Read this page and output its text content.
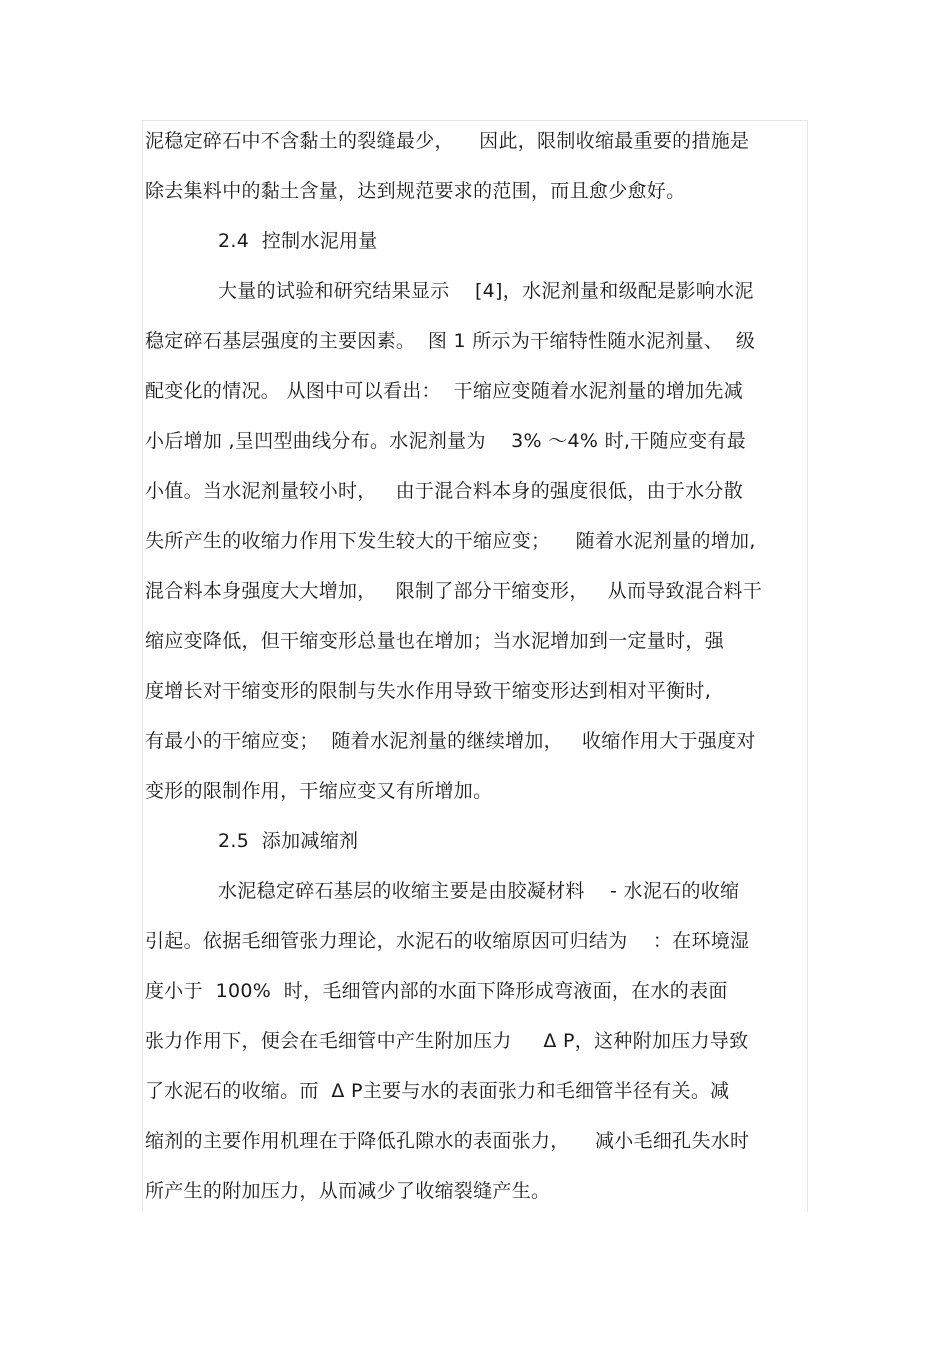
泥稳定碎石中不含黏土的裂缝最少，    因此，限制收缩最重要的措施是
除去集料中的黏土含量，达到规范要求的范围，而且愈少愈好。
2.4  控制水泥用量
大量的试验和研究结果显示    [4]，水泥剂量和级配是影响水泥
稳定碎石基层强度的主要因素。  图 1 所示为干缩特性随水泥剂量、  级
配变化的情况。 从图中可以看出：  干缩应变随着水泥剂量的增加先减
小后增加 ,呈凹型曲线分布。水泥剂量为    3% ～4% 时,干随应变有最
小值。当水泥剂量较小时，   由于混合料本身的强度很低，由于水分散
失所产生的收缩力作用下发生较大的干缩应变；    随着水泥剂量的增加,
混合料本身强度大大增加，   限制了部分干缩变形，   从而导致混合料干
缩应变降低，但干缩变形总量也在增加；当水泥增加到一定量时，强
度增长对干缩变形的限制与失水作用导致干缩变形达到相对平衡时,
有最小的干缩应变；  随着水泥剂量的继续增加，   收缩作用大于强度对
变形的限制作用，干缩应变又有所增加。
2.5  添加减缩剂
水泥稳定碎石基层的收缩主要是由胶凝材料    - 水泥石的收缩
引起。依据毛细管张力理论，水泥石的收缩原因可归结为    ：在环境湿
度小于  100%  时，毛细管内部的水面下降形成弯液面，在水的表面
张力作用下，便会在毛细管中产生附加压力     Δ P，这种附加压力导致
了水泥石的收缩。而  Δ P主要与水的表面张力和毛细管半径有关。减
缩剂的主要作用机理在于降低孔隙水的表面张力，    减小毛细孔失水时
所产生的附加压力，从而减少了收缩裂缝产生。
